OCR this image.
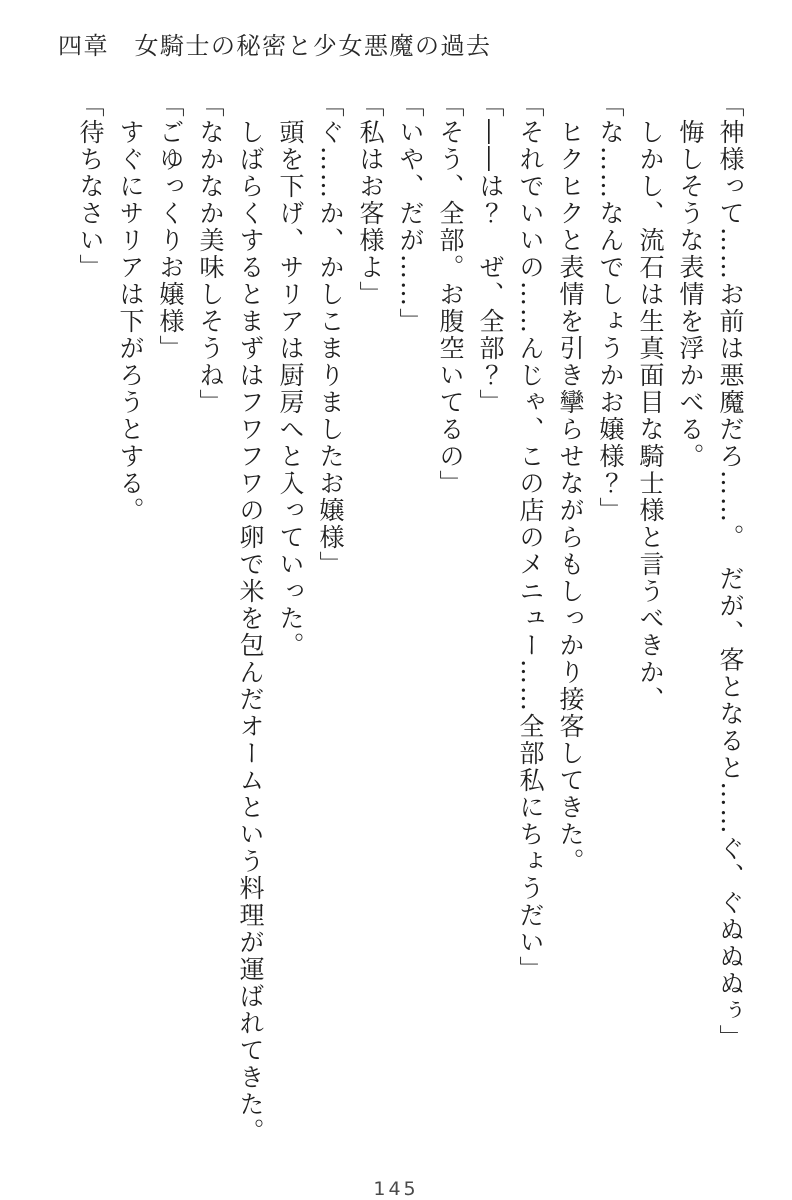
四章　女騎士の秘密と少女悪魔の過去

「神様って……お前は悪魔だろ……。　だが、客となると……ぐ、ぐぬぬぬぅ」

　悔しそうな表情を浮かべる。

　しかし、流石は生真面目な騎士様と言うべきか、

「な……なんでしょうかお嬢様？」

　ヒクヒクと表情を引き攣らせながらもしっかり接客してきた。

「それでいいの……んじゃ、この店のメニュー……全部私にちょうだい」

「――は？　ぜ、全部？」

「そう、全部。お腹空いてるの」

「いや、だが……」

「私はお客様よ」

「ぐ……か、かしこまりましたお嬢様」

　頭を下げ、サリアは厨房へと入っていった。

　しばらくするとまずはフワフワの卵で米を包んだオームという料理が運ばれてきた。

「なかなか美味しそうね」

「ごゆっくりお嬢様」

　すぐにサリアは下がろうとする。

「待ちなさい」

145
